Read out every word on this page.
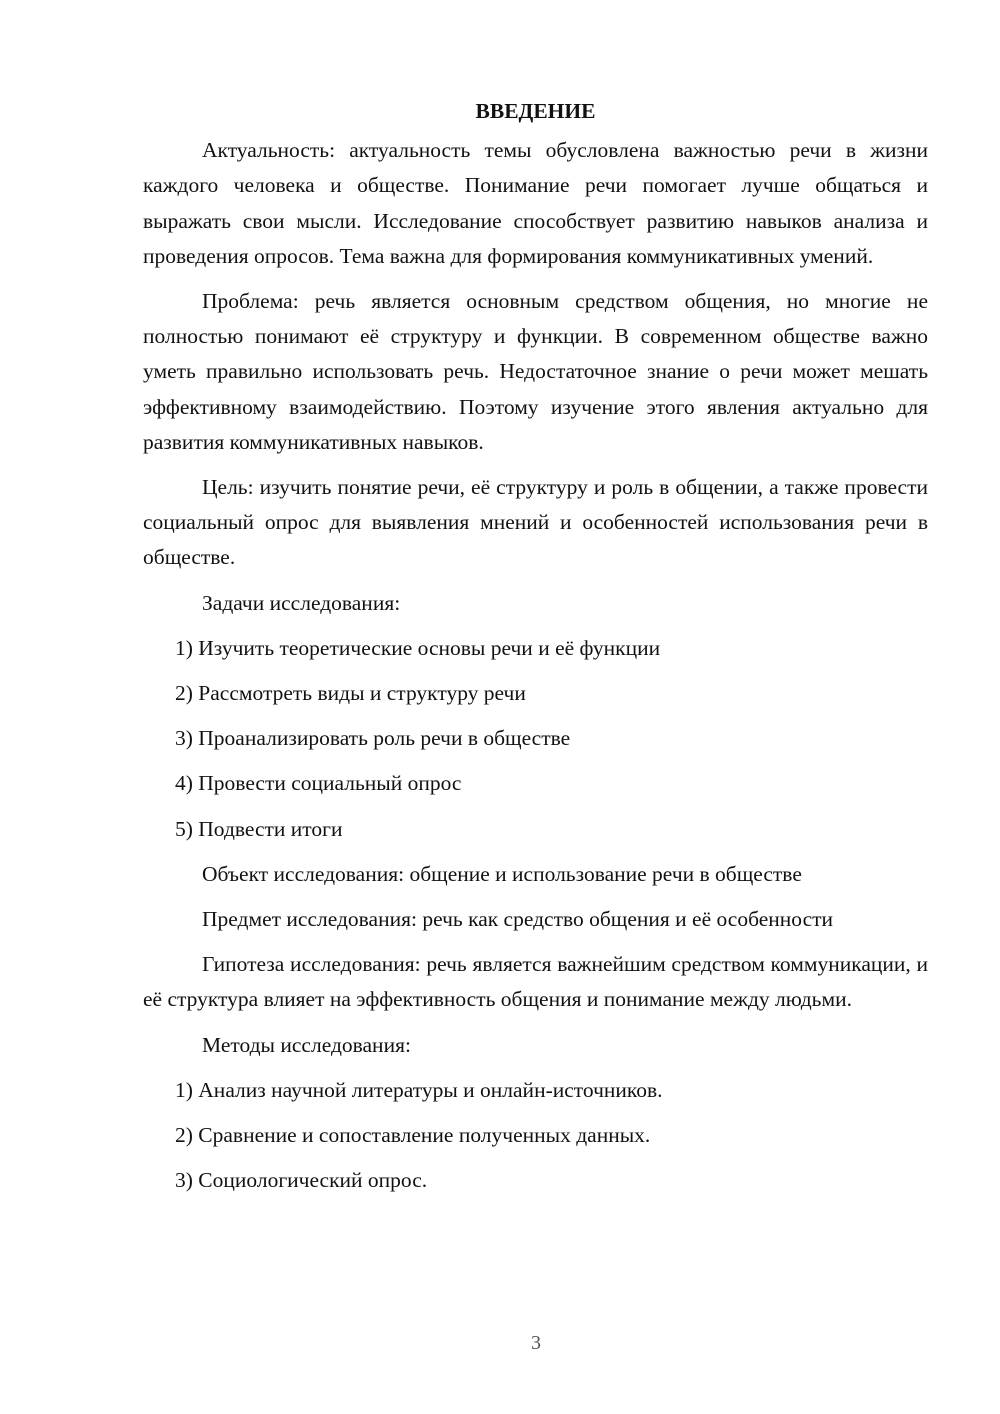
ВВЕДЕНИЕ

Актуальность: актуальность темы обусловлена важностью речи в жизни каждого человека и обществе. Понимание речи помогает лучше общаться и выражать свои мысли. Исследование способствует развитию навыков анализа и проведения опросов. Тема важна для формирования коммуникативных умений.

Проблема: речь является основным средством общения, но многие не полностью понимают её структуру и функции. В современном обществе важно уметь правильно использовать речь. Недостаточное знание о речи может мешать эффективному взаимодействию. Поэтому изучение этого явления актуально для развития коммуникативных навыков.

Цель: изучить понятие речи, её структуру и роль в общении, а также провести социальный опрос для выявления мнений и особенностей использования речи в обществе.

Задачи исследования:

1) Изучить теоретические основы речи и её функции
2) Рассмотреть виды и структуру речи
3) Проанализировать роль речи в обществе
4) Провести социальный опрос
5) Подвести итоги

Объект исследования: общение и использование речи в обществе

Предмет исследования: речь как средство общения и её особенности

Гипотеза исследования: речь является важнейшим средством коммуникации, и её структура влияет на эффективность общения и понимание между людьми.

Методы исследования:

1) Анализ научной литературы и онлайн-источников.
2) Сравнение и сопоставление полученных данных.
3) Социологический опрос.
3
